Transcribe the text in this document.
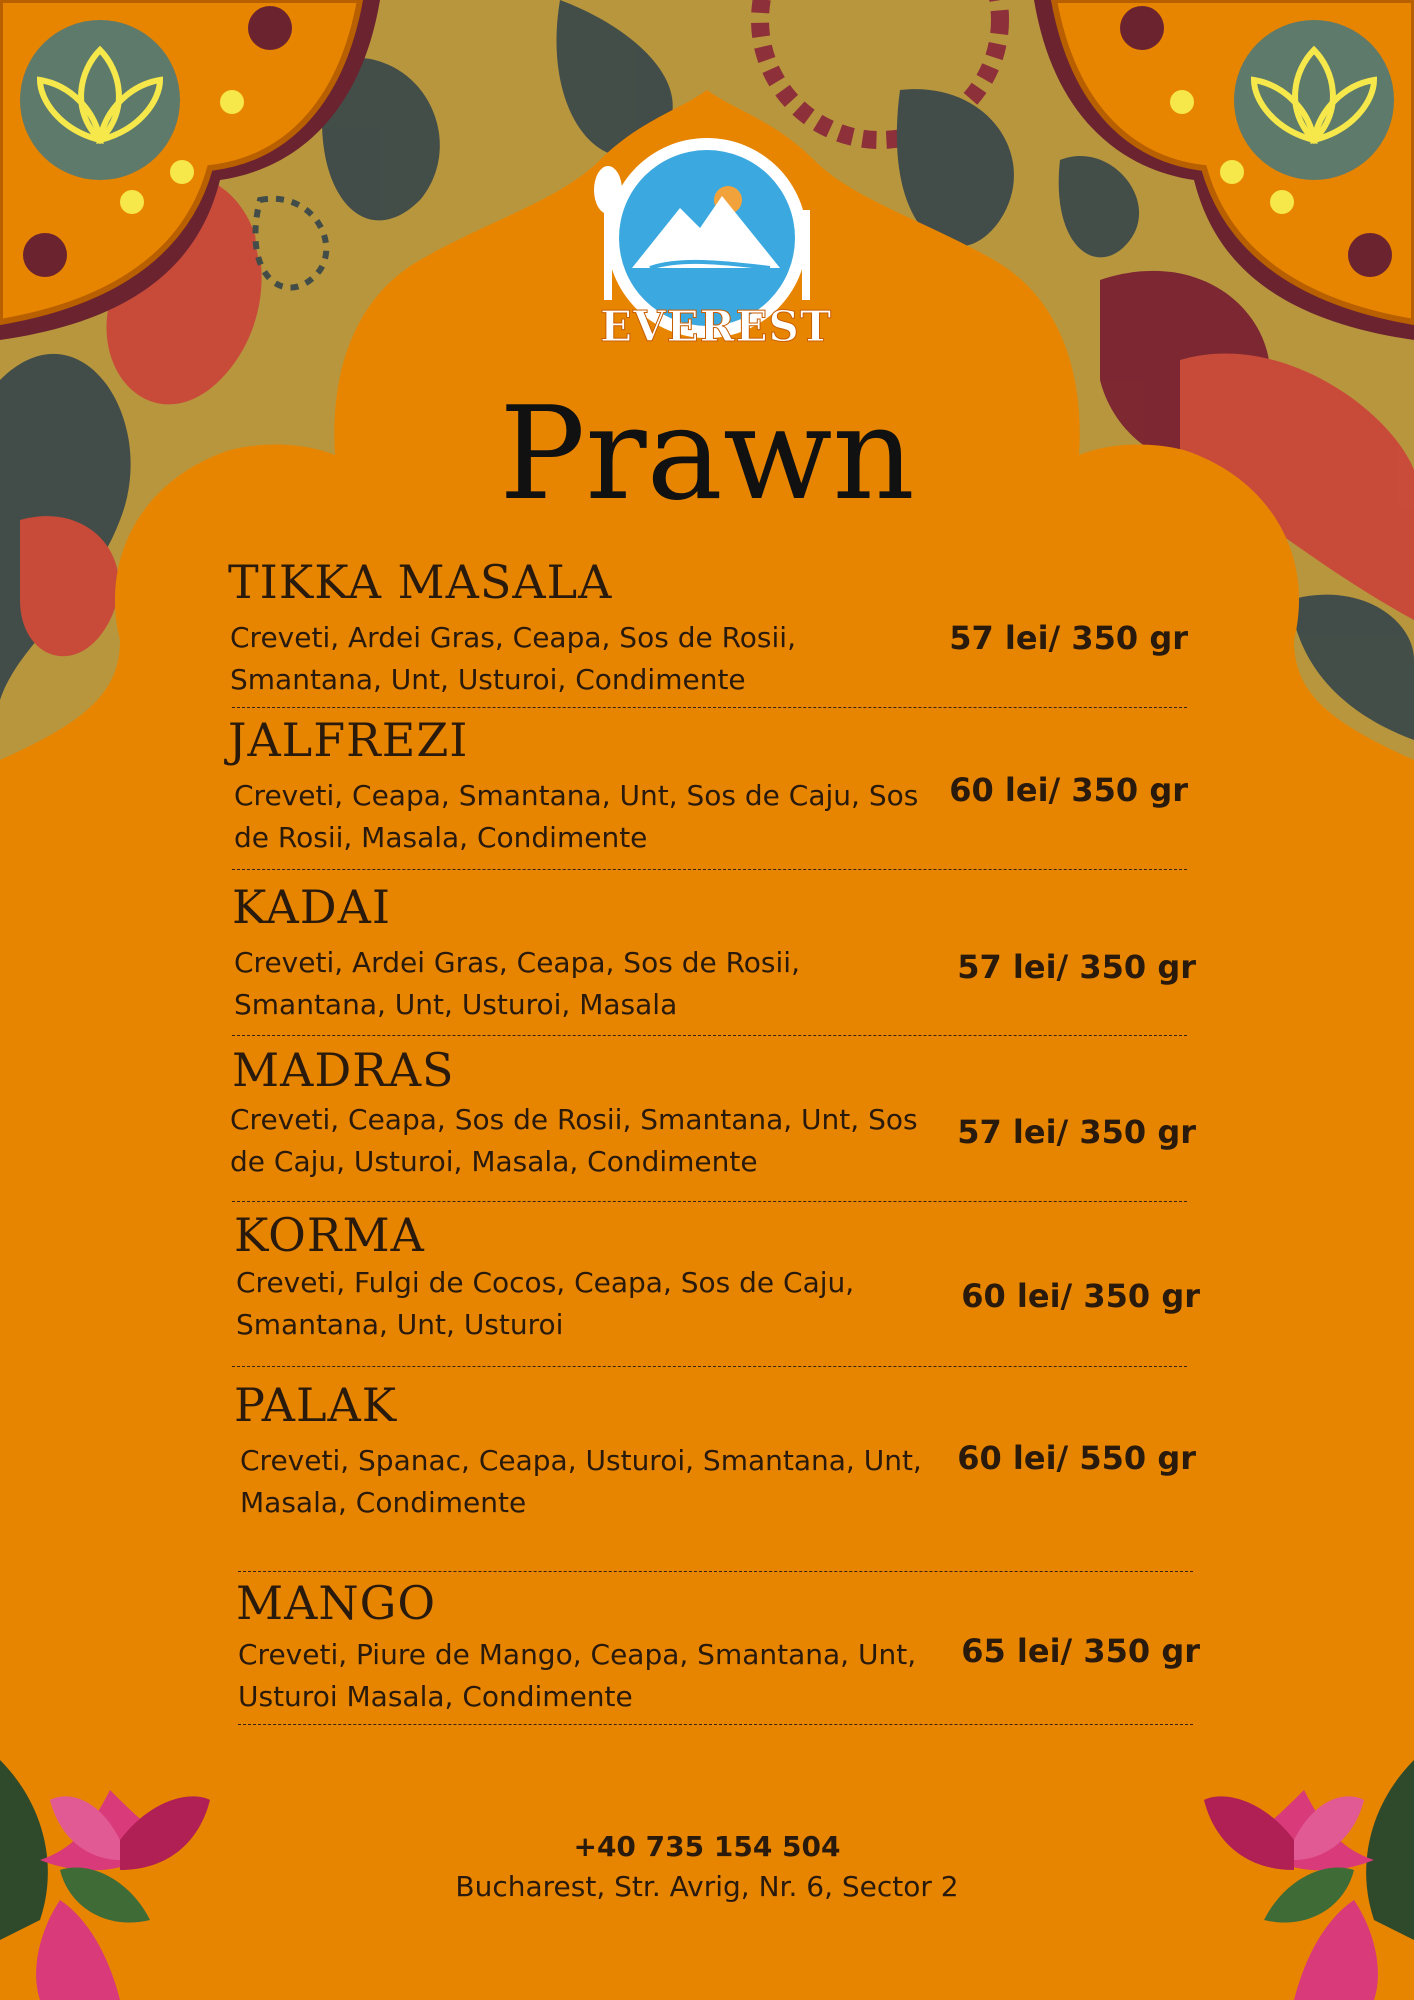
EVEREST
Prawn
TIKKA MASALA
Creveti, Ardei Gras, Ceapa, Sos de Rosii, Smantana, Unt, Usturoi, Condimente
57 lei/ 350 gr
JALFREZI
Creveti, Ceapa, Smantana, Unt, Sos de Caju, Sos de Rosii, Masala, Condimente
60 lei/ 350 gr
KADAI
Creveti, Ardei Gras, Ceapa, Sos de Rosii, Smantana, Unt, Usturoi, Masala
57 lei/ 350 gr
MADRAS
Creveti, Ceapa, Sos de Rosii, Smantana, Unt, Sos de Caju, Usturoi, Masala, Condimente
57 lei/ 350 gr
KORMA
Creveti, Fulgi de Cocos, Ceapa, Sos de Caju, Smantana, Unt, Usturoi
60 lei/ 350 gr
PALAK
Creveti, Spanac, Ceapa, Usturoi, Smantana, Unt, Masala, Condimente
60 lei/ 550 gr
MANGO
Creveti, Piure de Mango, Ceapa, Smantana, Unt, Usturoi Masala, Condimente
65 lei/ 350 gr
+40 735 154 504
Bucharest, Str. Avrig, Nr. 6, Sector 2
